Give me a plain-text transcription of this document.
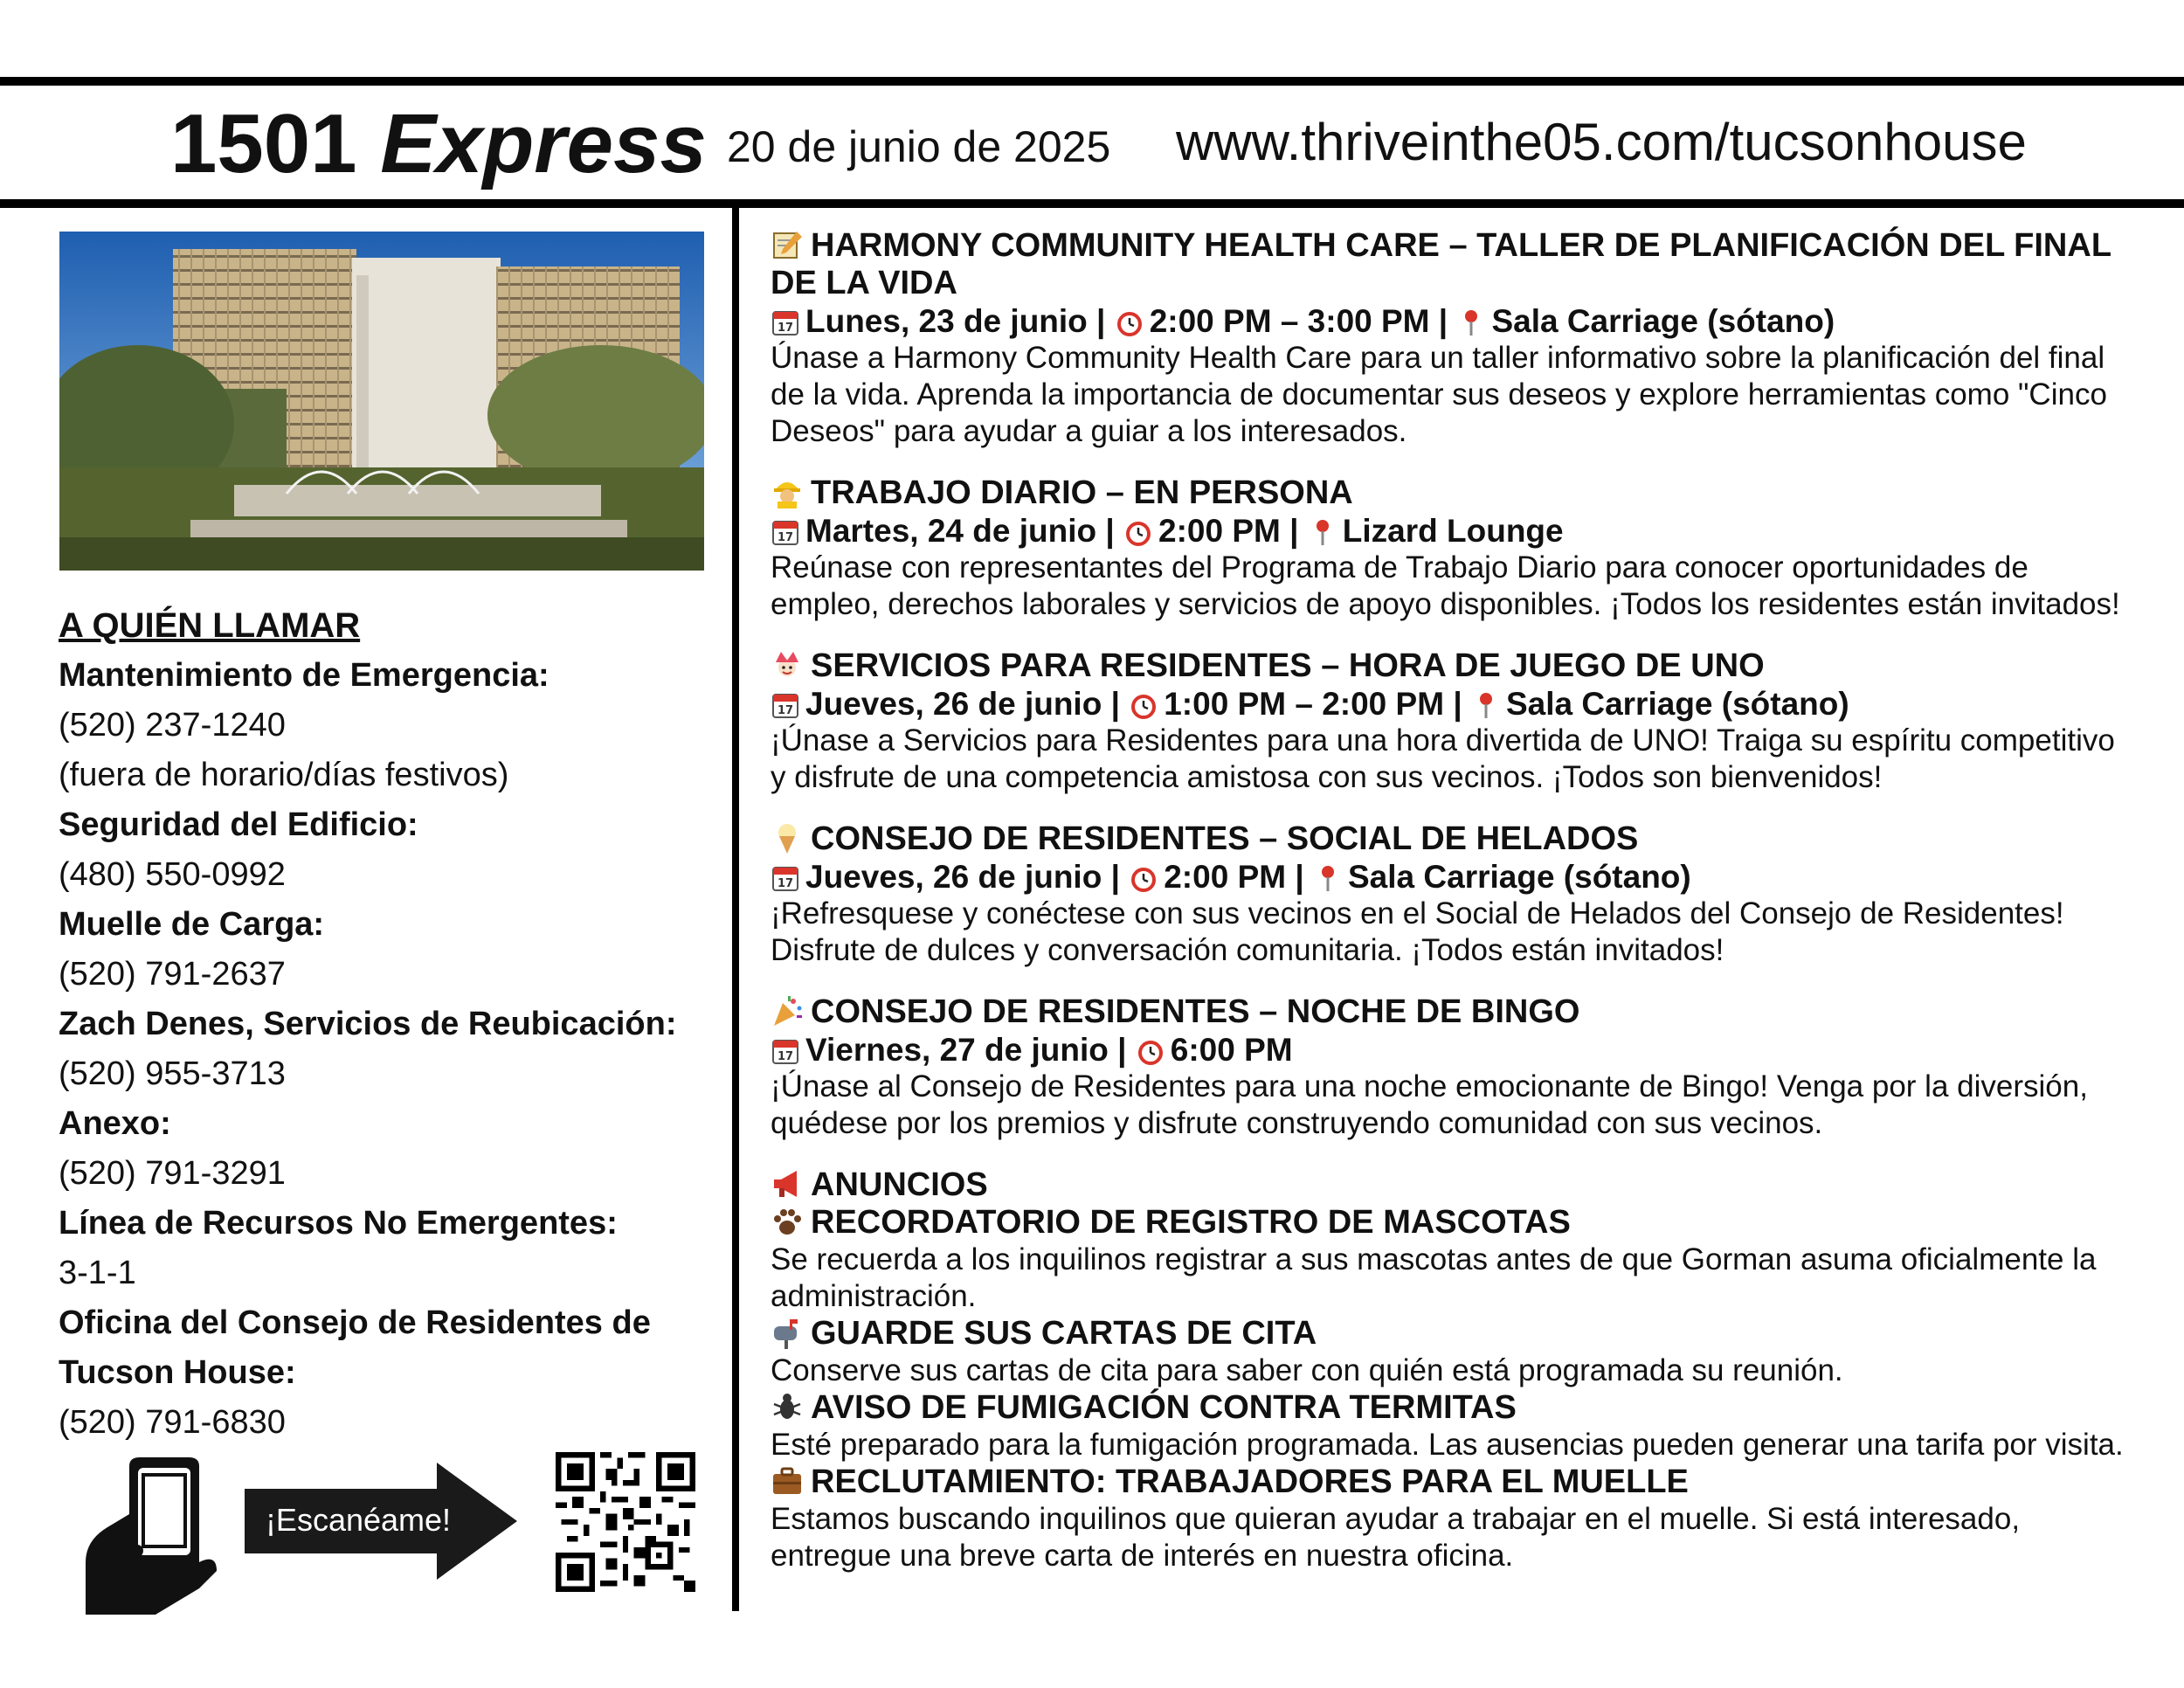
1501 Express 20 de junio de 2025 www.thriveinthe05.com/tucsonhouse
A QUIÉN LLAMAR
Mantenimiento de Emergencia:
(520) 237-1240
(fuera de horario/días festivos)
Seguridad del Edificio:
(480) 550-0992
Muelle de Carga:
(520) 791-2637
Zach Denes, Servicios de Reubicación:
(520) 955-3713
Anexo:
(520) 791-3291
Línea de Recursos No Emergentes:
3-1-1
Oficina del Consejo de Residentes de
Tucson House:
(520) 791-6830
¡Escanéame!
HARMONY COMMUNITY HEALTH CARE – TALLER DE PLANIFICACIÓN DEL FINAL DE LA VIDA
17 Lunes, 23 de junio | 2:00 PM – 3:00 PM | Sala Carriage (sótano)
Únase a Harmony Community Health Care para un taller informativo sobre la planificación del final de la vida. Aprenda la importancia de documentar sus deseos y explore herramientas como "Cinco Deseos" para ayudar a guiar a los interesados.
TRABAJO DIARIO – EN PERSONA
17 Martes, 24 de junio | 2:00 PM | Lizard Lounge
Reúnase con representantes del Programa de Trabajo Diario para conocer oportunidades de empleo, derechos laborales y servicios de apoyo disponibles. ¡Todos los residentes están invitados!
SERVICIOS PARA RESIDENTES – HORA DE JUEGO DE UNO
17 Jueves, 26 de junio | 1:00 PM – 2:00 PM | Sala Carriage (sótano)
¡Únase a Servicios para Residentes para una hora divertida de UNO! Traiga su espíritu competitivo y disfrute de una competencia amistosa con sus vecinos. ¡Todos son bienvenidos!
CONSEJO DE RESIDENTES – SOCIAL DE HELADOS
17 Jueves, 26 de junio | 2:00 PM | Sala Carriage (sótano)
¡Refresquese y conéctese con sus vecinos en el Social de Helados del Consejo de Residentes! Disfrute de dulces y conversación comunitaria. ¡Todos están invitados!
CONSEJO DE RESIDENTES – NOCHE DE BINGO
17 Viernes, 27 de junio | 6:00 PM
¡Únase al Consejo de Residentes para una noche emocionante de Bingo! Venga por la diversión, quédese por los premios y disfrute construyendo comunidad con sus vecinos.
ANUNCIOS
RECORDATORIO DE REGISTRO DE MASCOTAS
Se recuerda a los inquilinos registrar a sus mascotas antes de que Gorman asuma oficialmente la administración.
GUARDE SUS CARTAS DE CITA
Conserve sus cartas de cita para saber con quién está programada su reunión.
AVISO DE FUMIGACIÓN CONTRA TERMITAS
Esté preparado para la fumigación programada. Las ausencias pueden generar una tarifa por visita.
RECLUTAMIENTO: TRABAJADORES PARA EL MUELLE
Estamos buscando inquilinos que quieran ayudar a trabajar en el muelle. Si está interesado, entregue una breve carta de interés en nuestra oficina.
